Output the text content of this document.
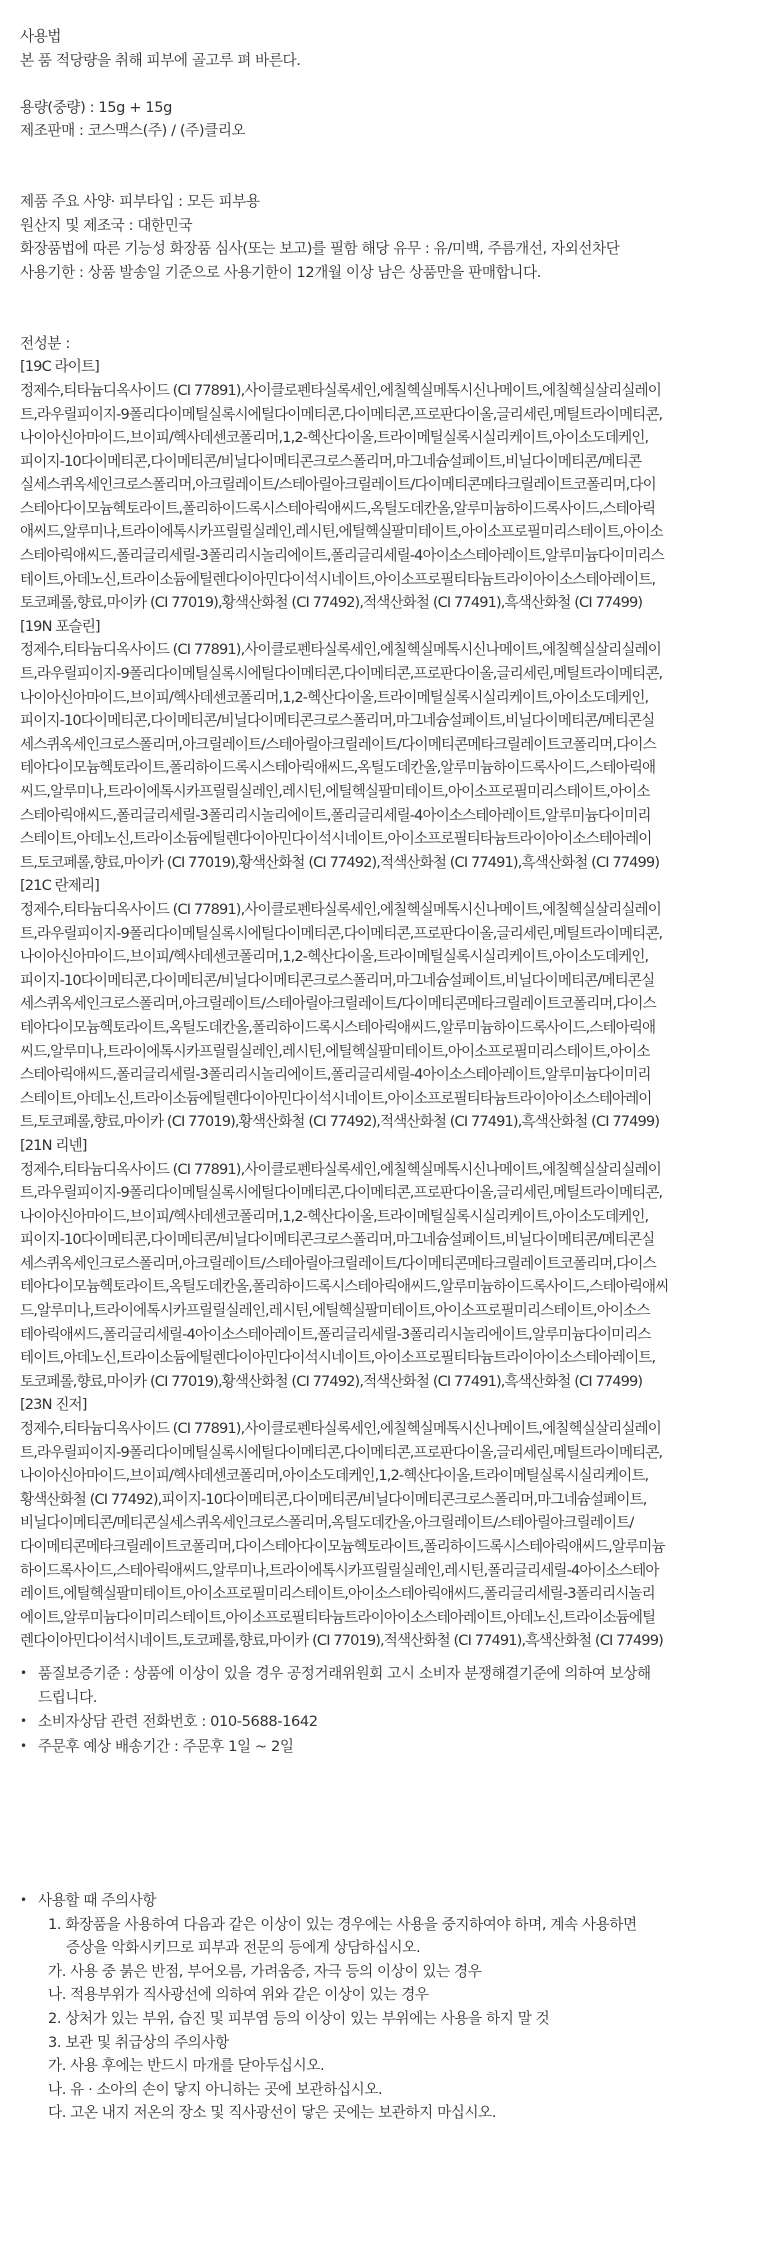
사용법
본 품 적당량을 취해 피부에 골고루 펴 바른다.
용량(중량) : 15g + 15g
제조판매 : 코스맥스(주) / (주)클리오
제품 주요 사양· 피부타입 : 모든 피부용
원산지 및 제조국 : 대한민국
화장품법에 따른 기능성 화장품 심사(또는 보고)를 필함 해당 유무 : 유/미백, 주름개선, 자외선차단
사용기한 : 상품 발송일 기준으로 사용기한이 12개월 이상 남은 상품만을 판매합니다.
전성분 :
[19C 라이트]
정제수,티타늄디옥사이드 (CI 77891),사이클로펜타실록세인,에칠헥실메톡시신나메이트,에칠헥실살리실레이
트,라우릴피이지-9폴리다이메틸실록시에틸다이메티콘,다이메티콘,프로판다이올,글리세린,메틸트라이메티콘,
나이아신아마이드,브이피/헥사데센코폴리머,1,2-헥산다이올,트라이메틸실록시실리케이트,아이소도데케인,
피이지-10다이메티콘,다이메티콘/비닐다이메티콘크로스폴리머,마그네슘설페이트,비닐다이메티콘/메티콘
실세스퀴옥세인크로스폴리머,아크릴레이트/스테아릴아크릴레이트/다이메티콘메타크릴레이트코폴리머,다이
스테아다이모늄헥토라이트,폴리하이드록시스테아릭애씨드,옥틸도데칸올,알루미늄하이드록사이드,스테아릭
애씨드,알루미나,트라이에톡시카프릴릴실레인,레시틴,에틸헥실팔미테이트,아이소프로필미리스테이트,아이소
스테아릭애씨드,폴리글리세릴-3폴리리시놀리에이트,폴리글리세릴-4아이소스테아레이트,알루미늄다이미리스
테이트,아데노신,트라이소듐에틸렌다이아민다이석시네이트,아이소프로필티타늄트라이아이소스테아레이트,
토코페롤,향료,마이카 (CI 77019),황색산화철 (CI 77492),적색산화철 (CI 77491),흑색산화철 (CI 77499)
[19N 포슬린]
정제수,티타늄디옥사이드 (CI 77891),사이클로펜타실록세인,에칠헥실메톡시신나메이트,에칠헥실살리실레이
트,라우릴피이지-9폴리다이메틸실록시에틸다이메티콘,다이메티콘,프로판다이올,글리세린,메틸트라이메티콘,
나이아신아마이드,브이피/헥사데센코폴리머,1,2-헥산다이올,트라이메틸실록시실리케이트,아이소도데케인,
피이지-10다이메티콘,다이메티콘/비닐다이메티콘크로스폴리머,마그네슘설페이트,비닐다이메티콘/메티콘실
세스퀴옥세인크로스폴리머,아크릴레이트/스테아릴아크릴레이트/다이메티콘메타크릴레이트코폴리머,다이스
테아다이모늄헥토라이트,폴리하이드록시스테아릭애씨드,옥틸도데칸올,알루미늄하이드록사이드,스테아릭애
씨드,알루미나,트라이에톡시카프릴릴실레인,레시틴,에틸헥실팔미테이트,아이소프로필미리스테이트,아이소
스테아릭애씨드,폴리글리세릴-3폴리리시놀리에이트,폴리글리세릴-4아이소스테아레이트,알루미늄다이미리
스테이트,아데노신,트라이소듐에틸렌다이아민다이석시네이트,아이소프로필티타늄트라이아이소스테아레이
트,토코페롤,향료,마이카 (CI 77019),황색산화철 (CI 77492),적색산화철 (CI 77491),흑색산화철 (CI 77499)
[21C 란제리]
정제수,티타늄디옥사이드 (CI 77891),사이클로펜타실록세인,에칠헥실메톡시신나메이트,에칠헥실살리실레이
트,라우릴피이지-9폴리다이메틸실록시에틸다이메티콘,다이메티콘,프로판다이올,글리세린,메틸트라이메티콘,
나이아신아마이드,브이피/헥사데센코폴리머,1,2-헥산다이올,트라이메틸실록시실리케이트,아이소도데케인,
피이지-10다이메티콘,다이메티콘/비닐다이메티콘크로스폴리머,마그네슘설페이트,비닐다이메티콘/메티콘실
세스퀴옥세인크로스폴리머,아크릴레이트/스테아릴아크릴레이트/다이메티콘메타크릴레이트코폴리머,다이스
테아다이모늄헥토라이트,옥틸도데칸올,폴리하이드록시스테아릭애씨드,알루미늄하이드록사이드,스테아릭애
씨드,알루미나,트라이에톡시카프릴릴실레인,레시틴,에틸헥실팔미테이트,아이소프로필미리스테이트,아이소
스테아릭애씨드,폴리글리세릴-3폴리리시놀리에이트,폴리글리세릴-4아이소스테아레이트,알루미늄다이미리
스테이트,아데노신,트라이소듐에틸렌다이아민다이석시네이트,아이소프로필티타늄트라이아이소스테아레이
트,토코페롤,향료,마이카 (CI 77019),황색산화철 (CI 77492),적색산화철 (CI 77491),흑색산화철 (CI 77499)
[21N 리넨]
정제수,티타늄디옥사이드 (CI 77891),사이클로펜타실록세인,에칠헥실메톡시신나메이트,에칠헥실살리실레이
트,라우릴피이지-9폴리다이메틸실록시에틸다이메티콘,다이메티콘,프로판다이올,글리세린,메틸트라이메티콘,
나이아신아마이드,브이피/헥사데센코폴리머,1,2-헥산다이올,트라이메틸실록시실리케이트,아이소도데케인,
피이지-10다이메티콘,다이메티콘/비닐다이메티콘크로스폴리머,마그네슘설페이트,비닐다이메티콘/메티콘실
세스퀴옥세인크로스폴리머,아크릴레이트/스테아릴아크릴레이트/다이메티콘메타크릴레이트코폴리머,다이스
테아다이모늄헥토라이트,옥틸도데칸올,폴리하이드록시스테아릭애씨드,알루미늄하이드록사이드,스테아릭애씨
드,알루미나,트라이에톡시카프릴릴실레인,레시틴,에틸헥실팔미테이트,아이소프로필미리스테이트,아이소스
테아릭애씨드,폴리글리세릴-4아이소스테아레이트,폴리글리세릴-3폴리리시놀리에이트,알루미늄다이미리스
테이트,아데노신,트라이소듐에틸렌다이아민다이석시네이트,아이소프로필티타늄트라이아이소스테아레이트,
토코페롤,향료,마이카 (CI 77019),황색산화철 (CI 77492),적색산화철 (CI 77491),흑색산화철 (CI 77499)
[23N 진저]
정제수,티타늄디옥사이드 (CI 77891),사이클로펜타실록세인,에칠헥실메톡시신나메이트,에칠헥실살리실레이
트,라우릴피이지-9폴리다이메틸실록시에틸다이메티콘,다이메티콘,프로판다이올,글리세린,메틸트라이메티콘,
나이아신아마이드,브이피/헥사데센코폴리머,아이소도데케인,1,2-헥산다이올,트라이메틸실록시실리케이트,
황색산화철 (CI 77492),피이지-10다이메티콘,다이메티콘/비닐다이메티콘크로스폴리머,마그네슘설페이트,
비닐다이메티콘/메티콘실세스퀴옥세인크로스폴리머,옥틸도데칸올,아크릴레이트/스테아릴아크릴레이트/
다이메티콘메타크릴레이트코폴리머,다이스테아다이모늄헥토라이트,폴리하이드록시스테아릭애씨드,알루미늄
하이드록사이드,스테아릭애씨드,알루미나,트라이에톡시카프릴릴실레인,레시틴,폴리글리세릴-4아이소스테아
레이트,에틸헥실팔미테이트,아이소프로필미리스테이트,아이소스테아릭애씨드,폴리글리세릴-3폴리리시놀리
에이트,알루미늄다이미리스테이트,아이소프로필티타늄트라이아이소스테아레이트,아데노신,트라이소듐에틸
렌다이아민다이석시네이트,토코페롤,향료,마이카 (CI 77019),적색산화철 (CI 77491),흑색산화철 (CI 77499)
• 품질보증기준 : 상품에 이상이 있을 경우 공정거래위원회 고시 소비자 분쟁해결기준에 의하여 보상해
드립니다.
• 소비자상담 관련 전화번호 : 010-5688-1642
• 주문후 예상 배송기간 : 주문후 1일 ~ 2일
• 사용할 때 주의사항
1. 화장품을 사용하여 다음과 같은 이상이 있는 경우에는 사용을 중지하여야 하며, 계속 사용하면
증상을 악화시키므로 피부과 전문의 등에게 상담하십시오.
가. 사용 중 붉은 반점, 부어오름, 가려움증, 자극 등의 이상이 있는 경우
나. 적용부위가 직사광선에 의하여 위와 같은 이상이 있는 경우
2. 상처가 있는 부위, 습진 및 피부염 등의 이상이 있는 부위에는 사용을 하지 말 것
3. 보관 및 취급상의 주의사항
가. 사용 후에는 반드시 마개를 닫아두십시오.
나. 유 · 소아의 손이 닿지 아니하는 곳에 보관하십시오.
다. 고온 내지 저온의 장소 및 직사광선이 닿은 곳에는 보관하지 마십시오.
